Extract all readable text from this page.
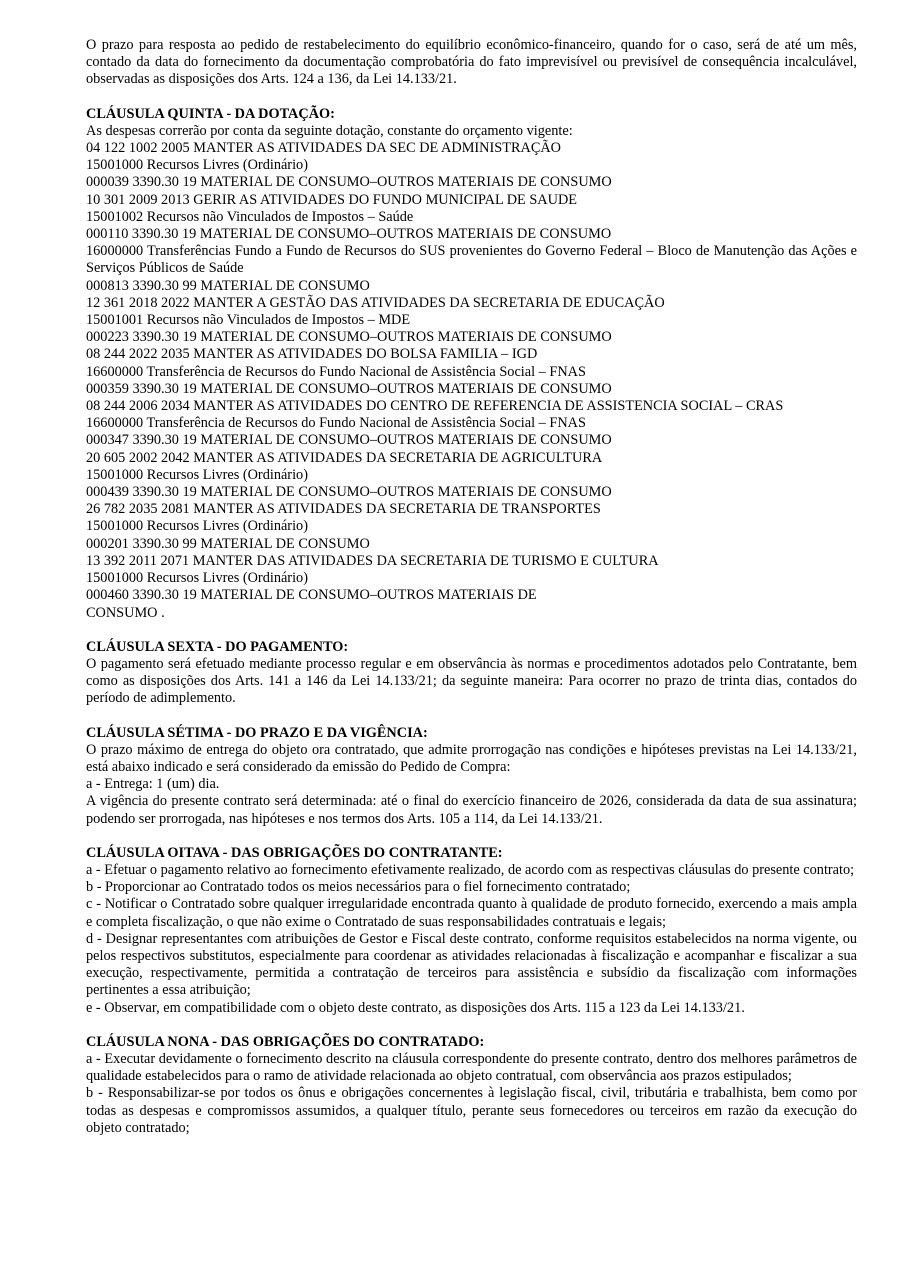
O prazo para resposta ao pedido de restabelecimento do equilíbrio econômico-financeiro, quando for o caso, será de até um mês, contado da data do fornecimento da documentação comprobatória do fato imprevisível ou previsível de consequência incalculável, observadas as disposições dos Arts. 124 a 136, da Lei 14.133/21.

CLÁUSULA QUINTA - DA DOTAÇÃO:

As despesas correrão por conta da seguinte dotação, constante do orçamento vigente:

04 122 1002 2005 MANTER AS ATIVIDADES DA SEC DE ADMINISTRAÇÃO

15001000 Recursos Livres (Ordinário)

000039 3390.30 19 MATERIAL DE CONSUMO–OUTROS MATERIAIS DE CONSUMO

10 301 2009 2013 GERIR AS ATIVIDADES DO FUNDO MUNICIPAL DE SAUDE

15001002 Recursos não Vinculados de Impostos – Saúde

000110 3390.30 19 MATERIAL DE CONSUMO–OUTROS MATERIAIS DE CONSUMO

16000000 Transferências Fundo a Fundo de Recursos do SUS provenientes do Governo Federal – Bloco de Manutenção das Ações e Serviços Públicos de Saúde

000813 3390.30 99 MATERIAL DE CONSUMO

12 361 2018 2022 MANTER A GESTÃO DAS ATIVIDADES DA SECRETARIA DE EDUCAÇÃO

15001001 Recursos não Vinculados de Impostos – MDE

000223 3390.30 19 MATERIAL DE CONSUMO–OUTROS MATERIAIS DE CONSUMO

08 244 2022 2035 MANTER AS ATIVIDADES DO BOLSA FAMILIA – IGD

16600000 Transferência de Recursos do Fundo Nacional de Assistência Social – FNAS

000359 3390.30 19 MATERIAL DE CONSUMO–OUTROS MATERIAIS DE CONSUMO

08 244 2006 2034 MANTER AS ATIVIDADES DO CENTRO DE REFERENCIA DE ASSISTENCIA SOCIAL – CRAS

16600000 Transferência de Recursos do Fundo Nacional de Assistência Social – FNAS

000347 3390.30 19 MATERIAL DE CONSUMO–OUTROS MATERIAIS DE CONSUMO

20 605 2002 2042 MANTER AS ATIVIDADES DA SECRETARIA DE AGRICULTURA

15001000 Recursos Livres (Ordinário)

000439 3390.30 19 MATERIAL DE CONSUMO–OUTROS MATERIAIS DE CONSUMO

26 782 2035 2081 MANTER AS ATIVIDADES DA SECRETARIA DE TRANSPORTES

15001000 Recursos Livres (Ordinário)

000201 3390.30 99 MATERIAL DE CONSUMO

13 392 2011 2071 MANTER DAS ATIVIDADES DA SECRETARIA DE TURISMO E CULTURA

15001000 Recursos Livres (Ordinário)

000460 3390.30 19 MATERIAL DE CONSUMO–OUTROS MATERIAIS DE

CONSUMO .

CLÁUSULA SEXTA - DO PAGAMENTO:

O pagamento será efetuado mediante processo regular e em observância às normas e procedimentos adotados pelo Contratante, bem como as disposições dos Arts. 141 a 146 da Lei 14.133/21; da seguinte maneira: Para ocorrer no prazo de trinta dias, contados do período de adimplemento.

CLÁUSULA SÉTIMA - DO PRAZO E DA VIGÊNCIA:

O prazo máximo de entrega do objeto ora contratado, que admite prorrogação nas condições e hipóteses previstas na Lei 14.133/21, está abaixo indicado e será considerado da emissão do Pedido de Compra:

a - Entrega: 1 (um) dia.

A vigência do presente contrato será determinada: até o final do exercício financeiro de 2026, considerada da data de sua assinatura; podendo ser prorrogada, nas hipóteses e nos termos dos Arts. 105 a 114, da Lei 14.133/21.

CLÁUSULA OITAVA - DAS OBRIGAÇÕES DO CONTRATANTE:

a - Efetuar o pagamento relativo ao fornecimento efetivamente realizado, de acordo com as respectivas cláusulas do presente contrato;

b - Proporcionar ao Contratado todos os meios necessários para o fiel fornecimento contratado;

c - Notificar o Contratado sobre qualquer irregularidade encontrada quanto à qualidade de produto fornecido, exercendo a mais ampla e completa fiscalização, o que não exime o Contratado de suas responsabilidades contratuais e legais;

d - Designar representantes com atribuições de Gestor e Fiscal deste contrato, conforme requisitos estabelecidos na norma vigente, ou pelos respectivos substitutos, especialmente para coordenar as atividades relacionadas à fiscalização e acompanhar e fiscalizar a sua execução, respectivamente, permitida a contratação de terceiros para assistência e subsídio da fiscalização com informações pertinentes a essa atribuição;

e - Observar, em compatibilidade com o objeto deste contrato, as disposições dos Arts. 115 a 123 da Lei 14.133/21.

CLÁUSULA NONA - DAS OBRIGAÇÕES DO CONTRATADO:

a - Executar devidamente o fornecimento descrito na cláusula correspondente do presente contrato, dentro dos melhores parâmetros de qualidade estabelecidos para o ramo de atividade relacionada ao objeto contratual, com observância aos prazos estipulados;

b - Responsabilizar-se por todos os ônus e obrigações concernentes à legislação fiscal, civil, tributária e trabalhista, bem como por todas as despesas e compromissos assumidos, a qualquer título, perante seus fornecedores ou terceiros em razão da execução do objeto contratado;
